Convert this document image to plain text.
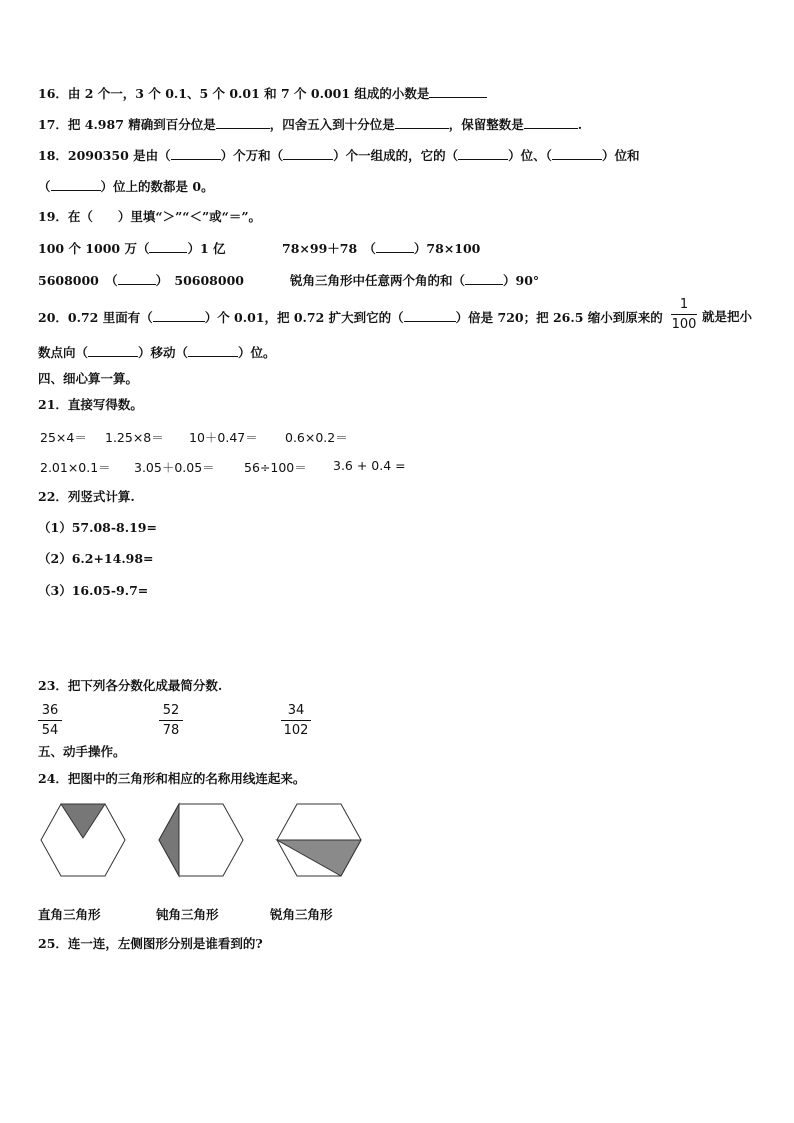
16．由 2 个一，3 个 0.1、5 个 0.01 和 7 个 0.001 组成的小数是
17．把 4.987 精确到百分位是	，四舍五入到十分位是	，保留整数是	.
18．2090350 是由（	）个万和（	）个一组成的，它的（	）位、（	）位和
（	）位上的数都是 0。
19．在（　　）里填“＞”“＜”或“＝”。
100 个 1000 万（	）1 亿	78×99＋78　（	）78×100
5608000　（	）　50608000	锐角三角形中任意两个角的和（	）90°
20．0.72 里面有（	）个 0.01，把 0.72 扩大到它的（	）倍是 720；把 26.5 缩小到原来的
1
100
就是把小
数点向（	）移动（	）位。
四、细心算一算。
21．直接写得数。
25×4＝ 1.25×8＝ 10＋0.47＝ 0.6×0.2＝
2.01×0.1＝ 3.05＋0.05＝ 56÷100＝ 3.6 + 0.4 =
22．列竖式计算.
（1）57.08-8.19=
（2）6.2+14.98=
（3）16.05-9.7=
23．把下列各分数化成最简分数.
36
54
52
78
34
102
五、动手操作。
24．把图中的三角形和相应的名称用线连起来。
直角三角形	钝角三角形	锐角三角形
25．连一连，左侧图形分别是谁看到的?
